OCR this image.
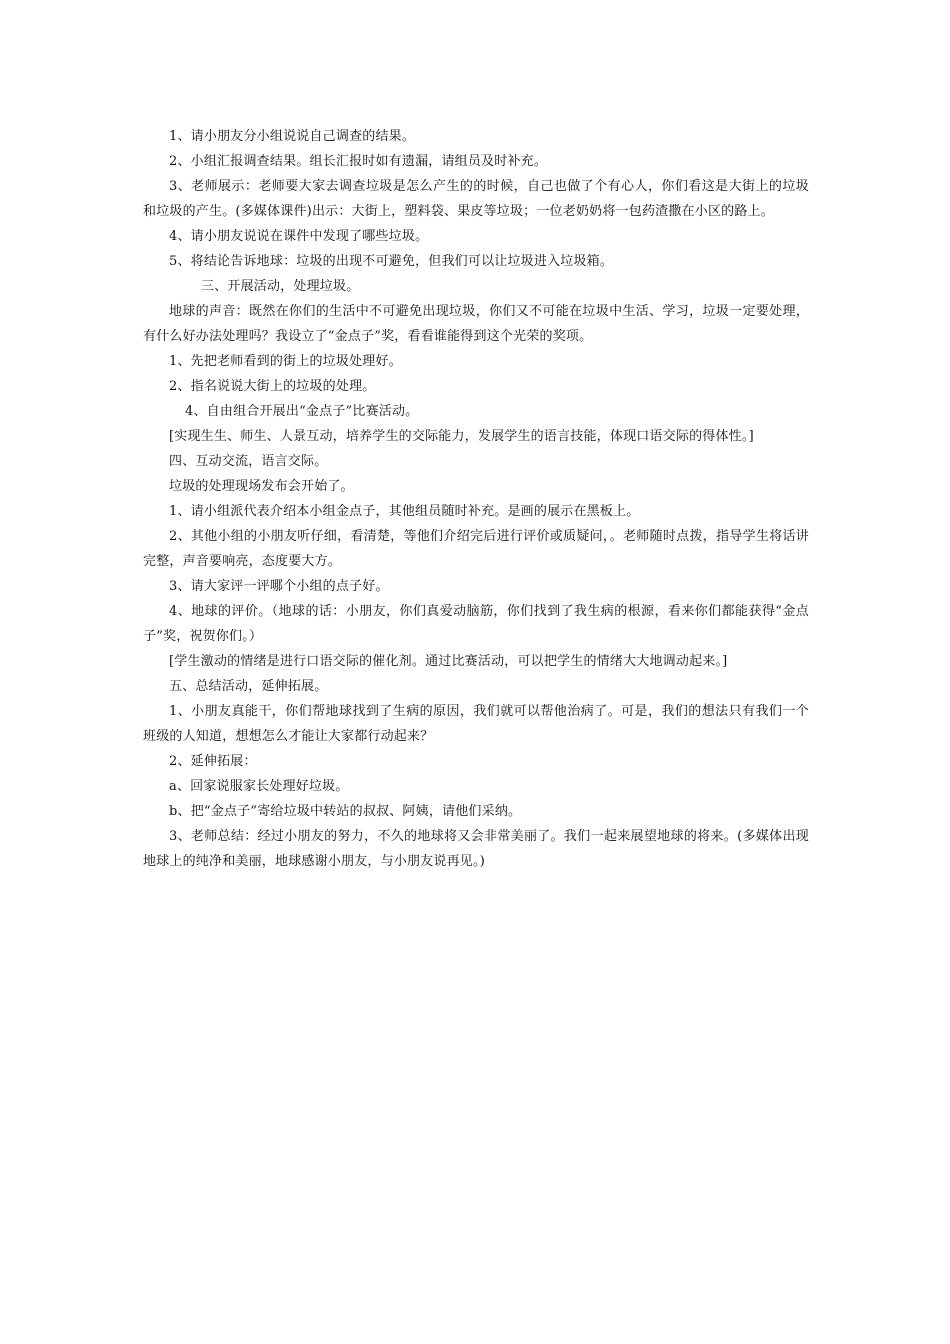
1、请小朋友分小组说说自己调查的结果。

2、小组汇报调查结果。组长汇报时如有遗漏，请组员及时补充。

3、老师展示：老师要大家去调查垃圾是怎么产生的的时候，自己也做了个有心人，你们看这是大街上的垃圾和垃圾的产生。(多媒体课件)出示：大街上，塑料袋、果皮等垃圾；一位老奶奶将一包药渣撒在小区的路上。

4、请小朋友说说在课件中发现了哪些垃圾。

5、将结论告诉地球：垃圾的出现不可避免，但我们可以让垃圾进入垃圾箱。

三、开展活动，处理垃圾。

地球的声音：既然在你们的生活中不可避免出现垃圾，你们又不可能在垃圾中生活、学习，垃圾一定要处理，有什么好办法处理吗？我设立了“金点子”奖，看看谁能得到这个光荣的奖项。

1、先把老师看到的街上的垃圾处理好。

2、指名说说大街上的垃圾的处理。

4、自由组合开展出“金点子”比赛活动。

[实现生生、师生、人景互动，培养学生的交际能力，发展学生的语言技能，体现口语交际的得体性。]

四、互动交流，语言交际。

垃圾的处理现场发布会开始了。

1、请小组派代表介绍本小组金点子，其他组员随时补充。是画的展示在黑板上。

2、其他小组的小朋友听仔细，看清楚，等他们介绍完后进行评价或质疑问，。老师随时点拨，指导学生将话讲完整，声音要响亮，态度要大方。

3、请大家评一评哪个小组的点子好。

4、地球的评价。（地球的话：小朋友，你们真爱动脑筋，你们找到了我生病的根源，看来你们都能获得“金点子”奖，祝贺你们。）

[学生激动的情绪是进行口语交际的催化剂。通过比赛活动，可以把学生的情绪大大地调动起来。]

五、总结活动，延伸拓展。

1、小朋友真能干，你们帮地球找到了生病的原因，我们就可以帮他治病了。可是，我们的想法只有我们一个班级的人知道，想想怎么才能让大家都行动起来？

2、延伸拓展：

a、回家说服家长处理好垃圾。

b、把“金点子”寄给垃圾中转站的叔叔、阿姨，请他们采纳。

3、老师总结：经过小朋友的努力，不久的地球将又会非常美丽了。我们一起来展望地球的将来。(多媒体出现地球上的纯净和美丽，地球感谢小朋友，与小朋友说再见。)
